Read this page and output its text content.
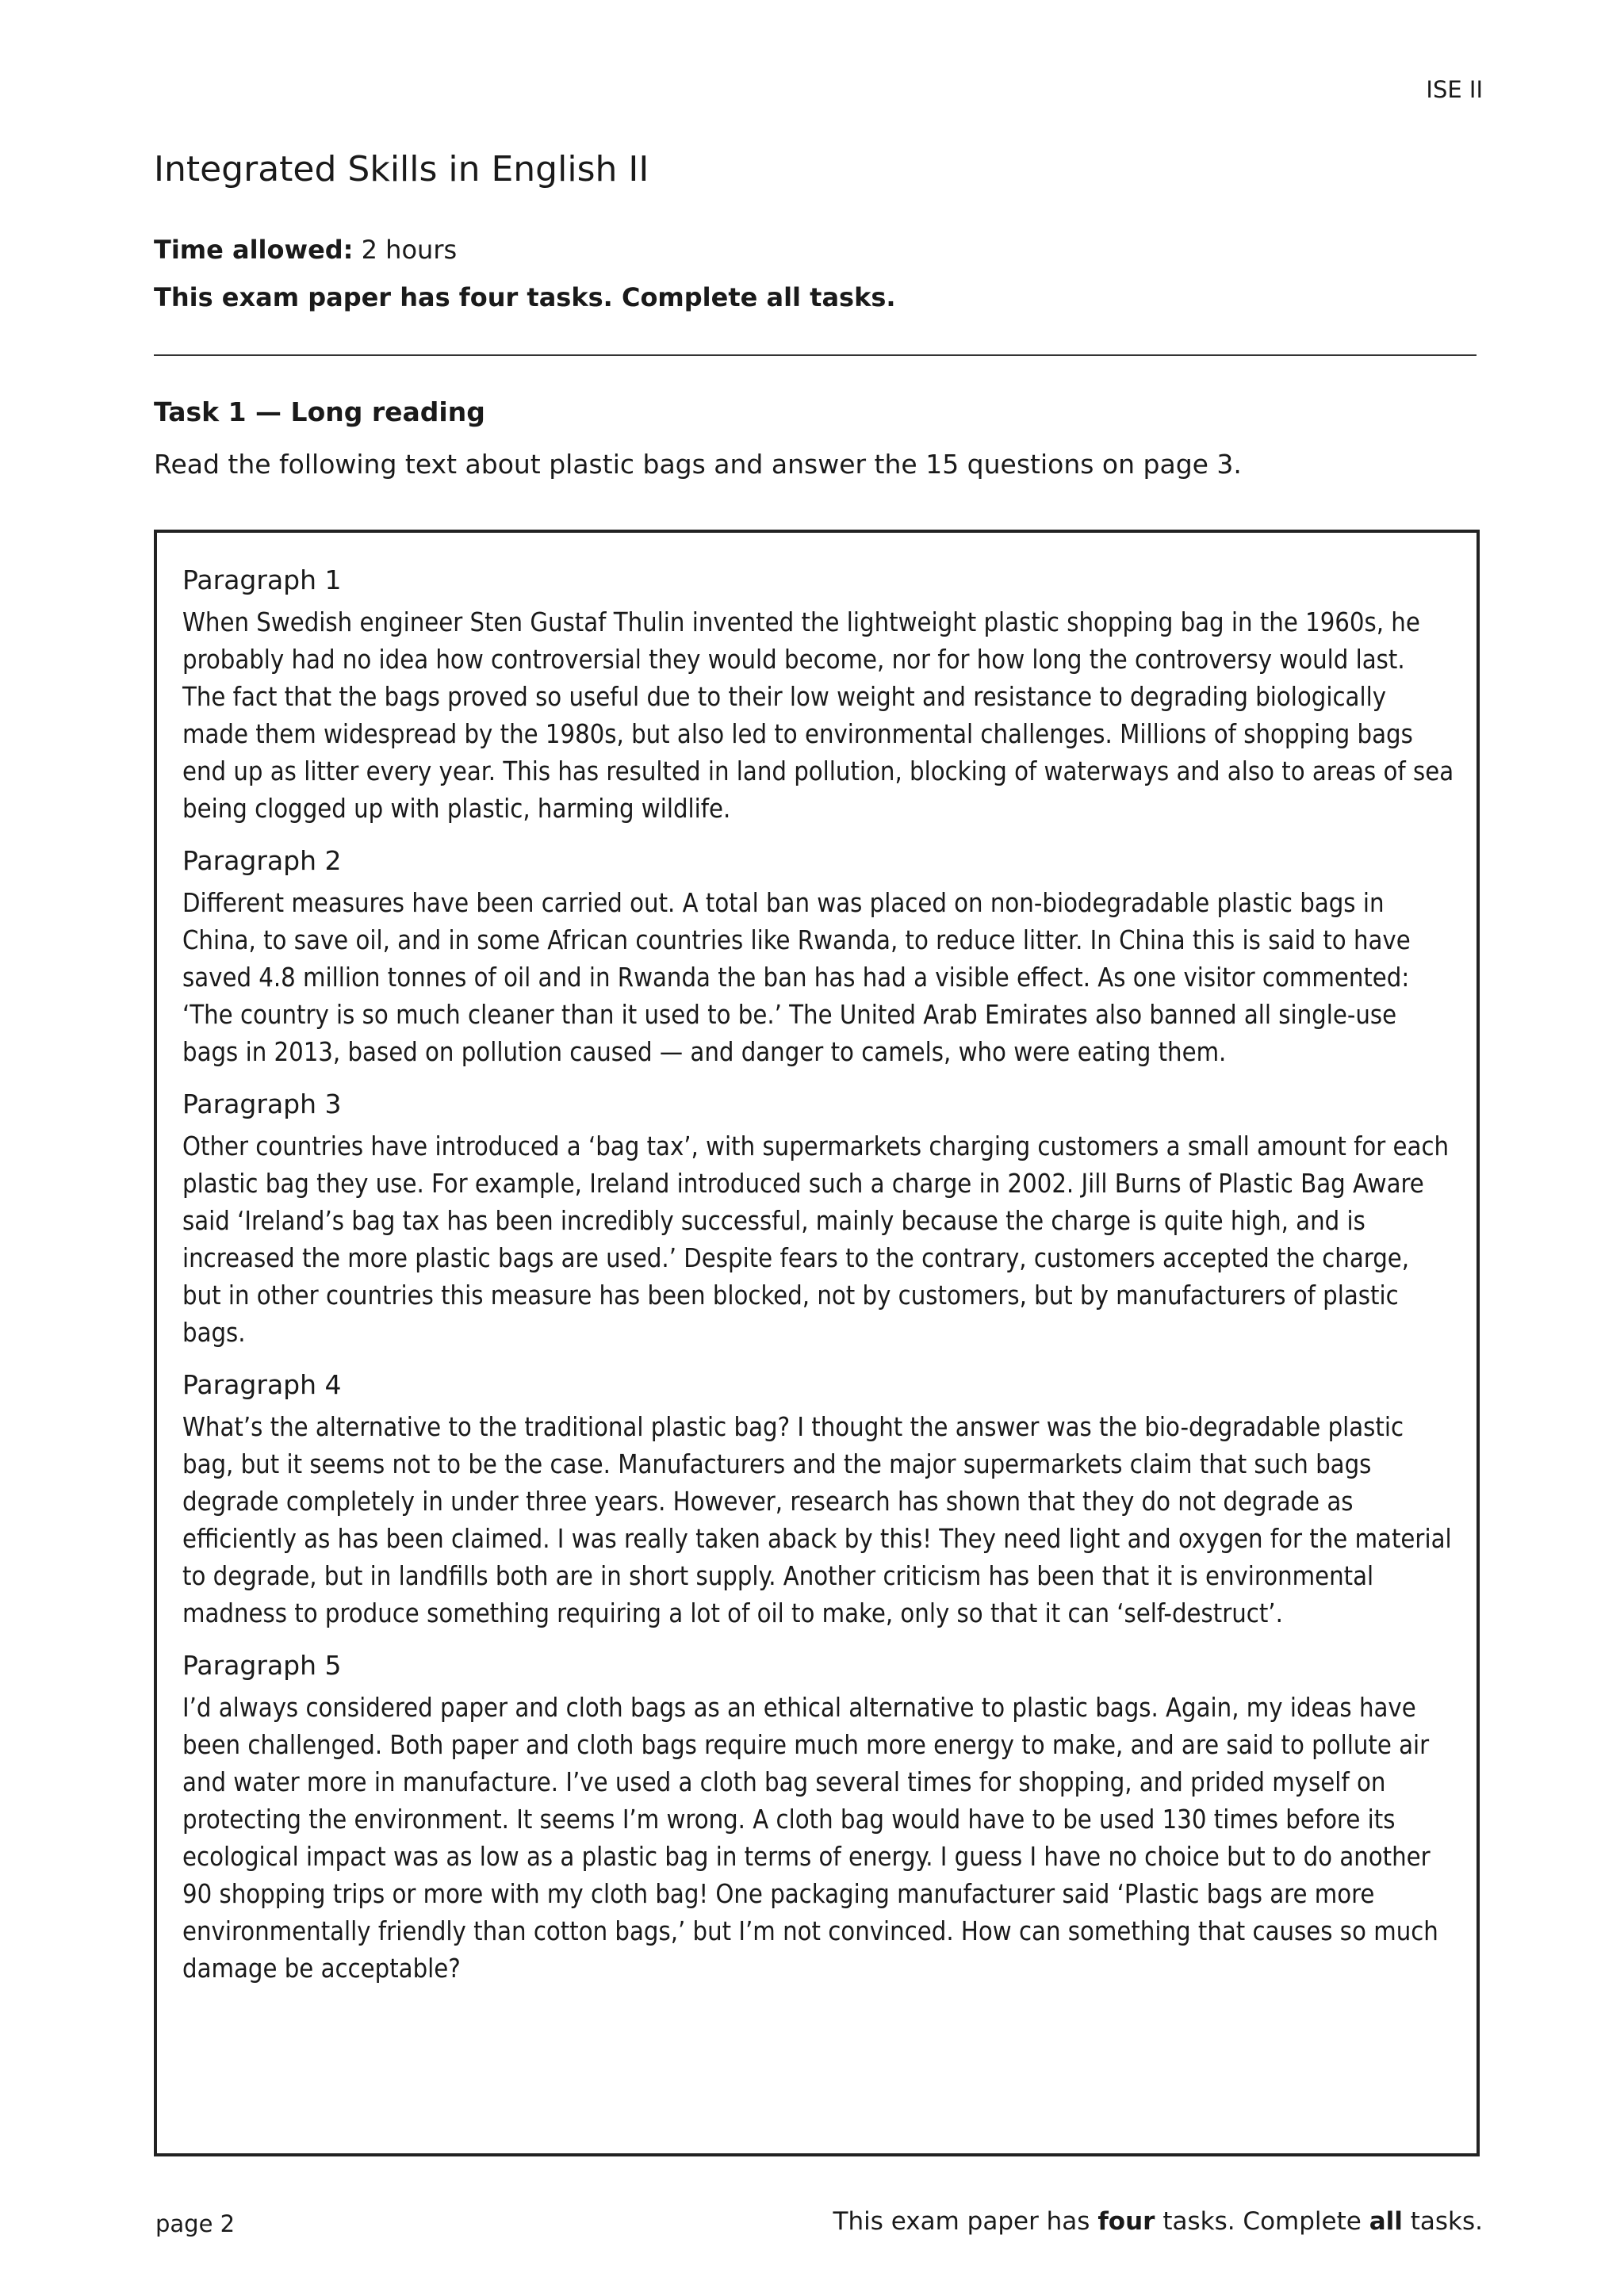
ISE II
Integrated Skills in English II
Time allowed: 2 hours
This exam paper has four tasks. Complete all tasks.
Task 1 — Long reading
Read the following text about plastic bags and answer the 15 questions on page 3.
Paragraph 1

When Swedish engineer Sten Gustaf Thulin invented the lightweight plastic shopping bag in the 1960s, he probably had no idea how controversial they would become, nor for how long the controversy would last. The fact that the bags proved so useful due to their low weight and resistance to degrading biologically made them widespread by the 1980s, but also led to environmental challenges. Millions of shopping bags end up as litter every year. This has resulted in land pollution, blocking of waterways and also to areas of sea being clogged up with plastic, harming wildlife.

Paragraph 2

Different measures have been carried out. A total ban was placed on non-biodegradable plastic bags in China, to save oil, and in some African countries like Rwanda, to reduce litter. In China this is said to have saved 4.8 million tonnes of oil and in Rwanda the ban has had a visible effect. As one visitor commented: ‘The country is so much cleaner than it used to be.’ The United Arab Emirates also banned all single-use bags in 2013, based on pollution caused — and danger to camels, who were eating them.

Paragraph 3

Other countries have introduced a ‘bag tax’, with supermarkets charging customers a small amount for each plastic bag they use. For example, Ireland introduced such a charge in 2002. Jill Burns of Plastic Bag Aware said ‘Ireland’s bag tax has been incredibly successful, mainly because the charge is quite high, and is increased the more plastic bags are used.’ Despite fears to the contrary, customers accepted the charge, but in other countries this measure has been blocked, not by customers, but by manufacturers of plastic bags.

Paragraph 4

What’s the alternative to the traditional plastic bag? I thought the answer was the bio-degradable plastic bag, but it seems not to be the case. Manufacturers and the major supermarkets claim that such bags degrade completely in under three years. However, research has shown that they do not degrade as efficiently as has been claimed. I was really taken aback by this! They need light and oxygen for the material to degrade, but in landfills both are in short supply. Another criticism has been that it is environmental madness to produce something requiring a lot of oil to make, only so that it can ‘self-destruct’.

Paragraph 5

I’d always considered paper and cloth bags as an ethical alternative to plastic bags. Again, my ideas have been challenged. Both paper and cloth bags require much more energy to make, and are said to pollute air and water more in manufacture. I’ve used a cloth bag several times for shopping, and prided myself on protecting the environment. It seems I’m wrong. A cloth bag would have to be used 130 times before its ecological impact was as low as a plastic bag in terms of energy. I guess I have no choice but to do another 90 shopping trips or more with my cloth bag! One packaging manufacturer said ‘Plastic bags are more environmentally friendly than cotton bags,’ but I’m not convinced. How can something that causes so much damage be acceptable?

page 2	This exam paper has four tasks. Complete all tasks.
